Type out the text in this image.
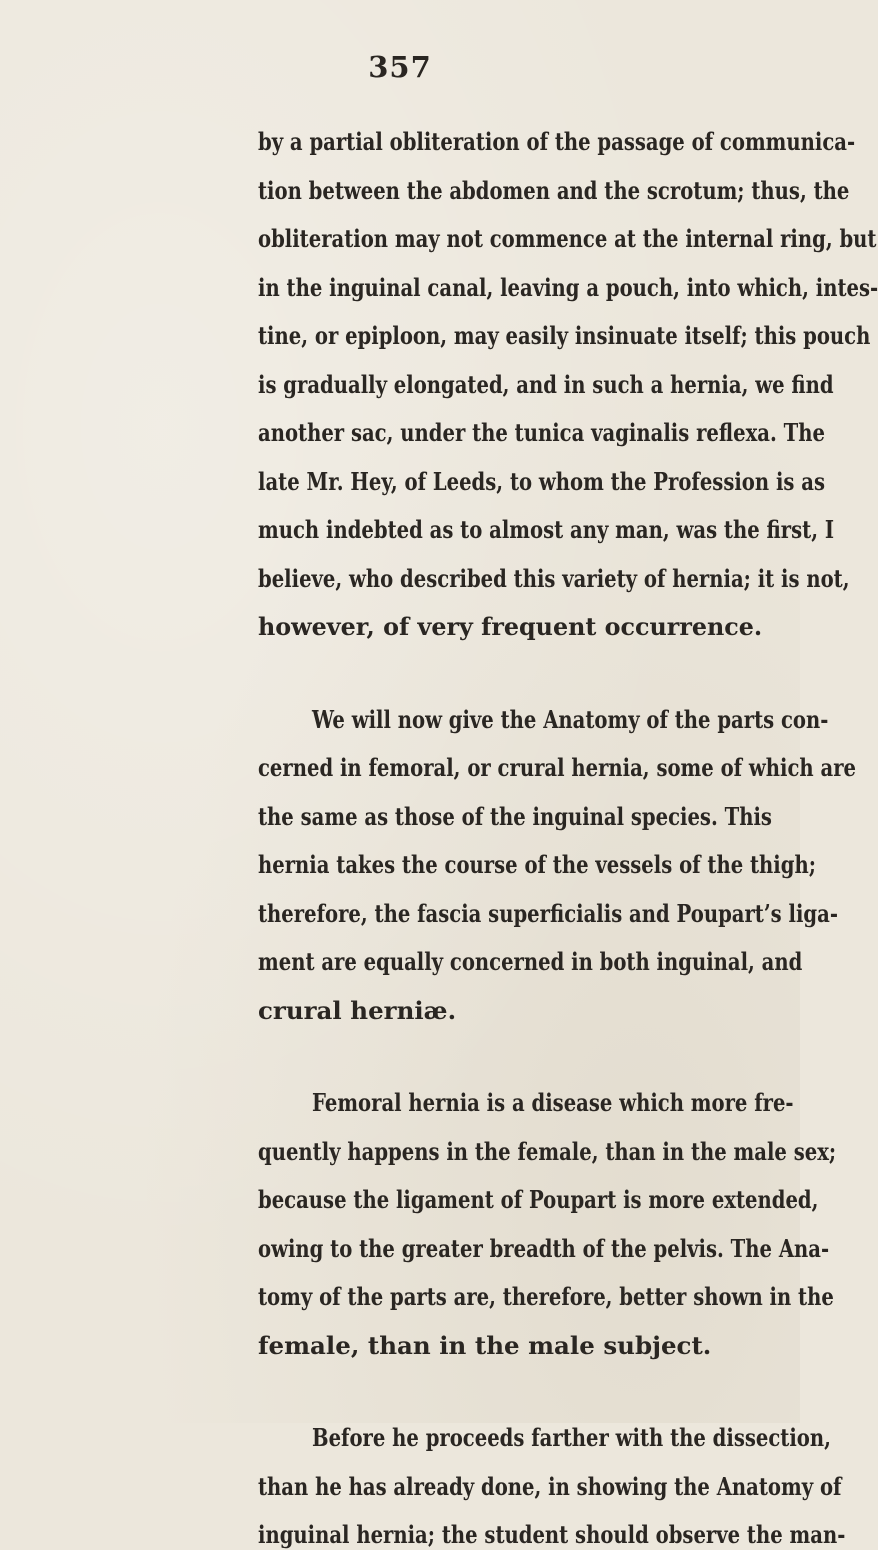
357
by a partial obliteration of the passage of communica-
tion between the abdomen and the scrotum; thus, the
obliteration may not commence at the internal ring, but
in the inguinal canal, leaving a pouch, into which, intes-
tine, or epiploon, may easily insinuate itself; this pouch
is gradually elongated, and in such a hernia, we find
another sac, under the tunica vaginalis reflexa. The
late Mr. Hey, of Leeds, to whom the Profession is as
much indebted as to almost any man, was the first, I
believe, who described this variety of hernia; it is not,
however, of very frequent occurrence.
We will now give the Anatomy of the parts con-
cerned in femoral, or crural hernia, some of which are
the same as those of the inguinal species. This
hernia takes the course of the vessels of the thigh;
therefore, the fascia superficialis and Poupart’s liga-
ment are equally concerned in both inguinal, and
crural herniæ.
Femoral hernia is a disease which more fre-
quently happens in the female, than in the male sex;
because the ligament of Poupart is more extended,
owing to the greater breadth of the pelvis. The Ana-
tomy of the parts are, therefore, better shown in the
female, than in the male subject.
Before he proceeds farther with the dissection,
than he has already done, in showing the Anatomy of
inguinal hernia; the student should observe the man-
